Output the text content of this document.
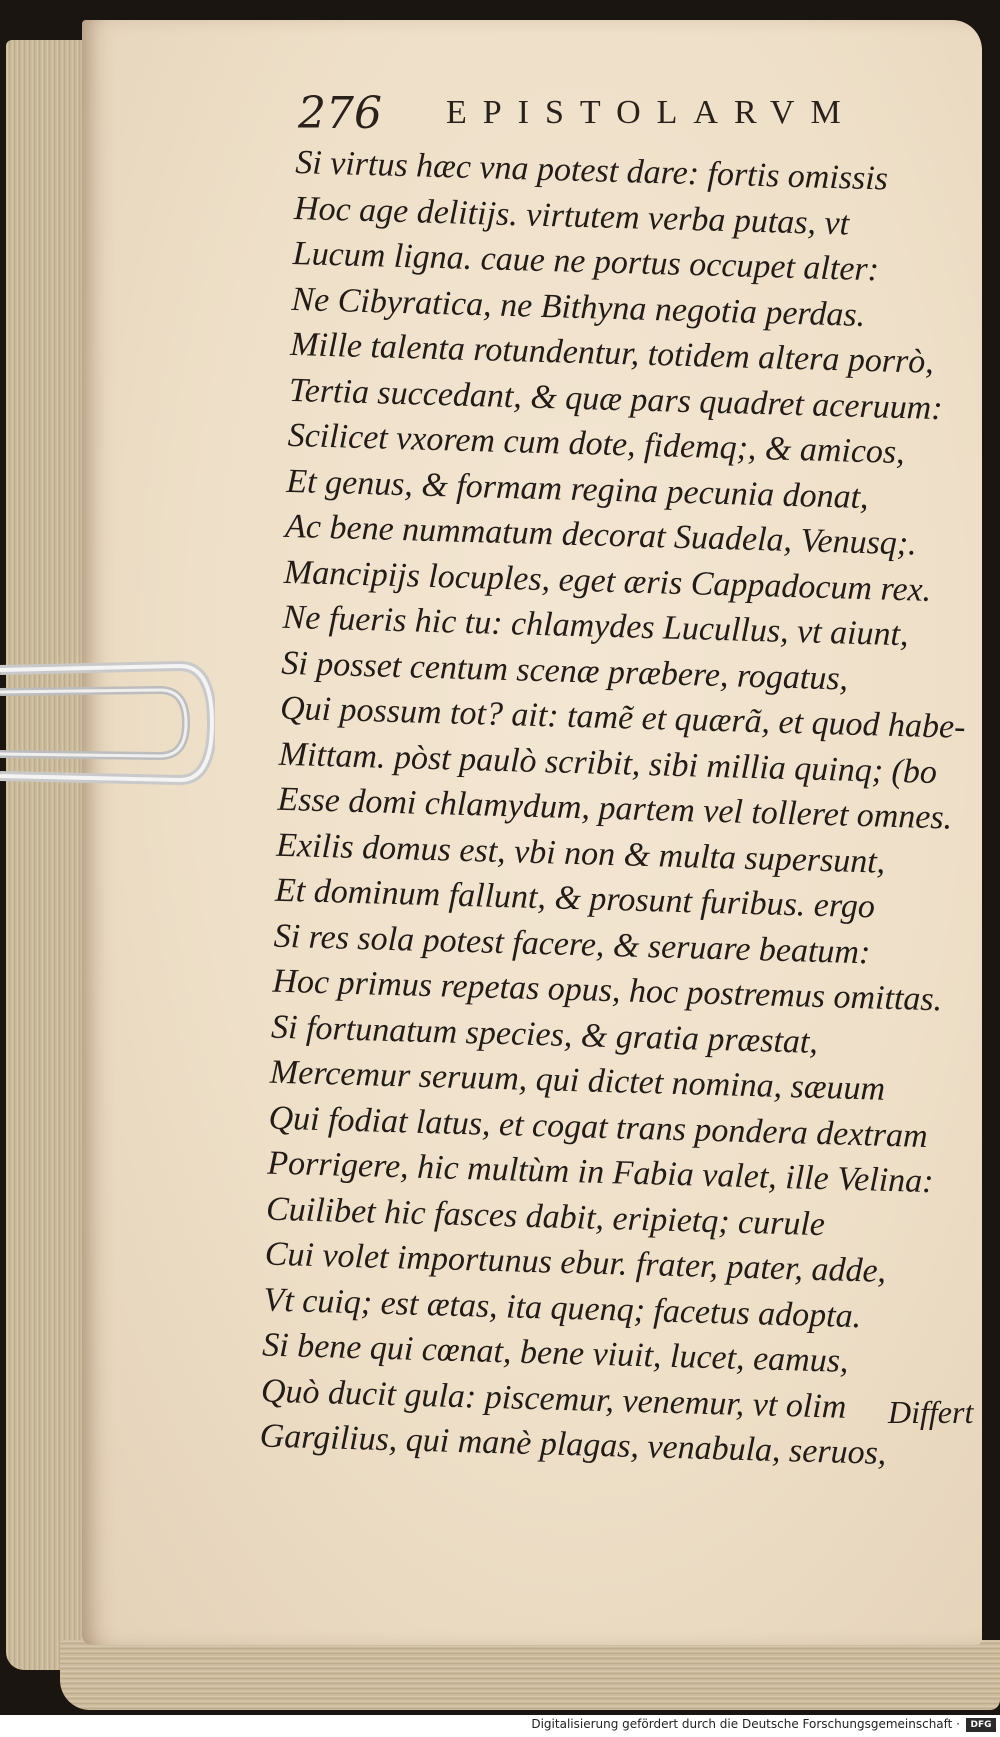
276 EPISTOLARVM
Si virtus hæc vna potest dare: fortis omissis
Hoc age delitijs. virtutem verba putas, vt
Lucum ligna. caue ne portus occupet alter:
Ne Cibyratica, ne Bithyna negotia perdas.
Mille talenta rotundentur, totidem altera porrò,
Tertia succedant, & quæ pars quadret aceruum:
Scilicet vxorem cum dote, fidemq;, & amicos,
Et genus, & formam regina pecunia donat,
Ac bene nummatum decorat Suadela, Venusq;.
Mancipijs locuples, eget æris Cappadocum rex.
Ne fueris hic tu: chlamydes Lucullus, vt aiunt,
Si posset centum scenæ præbere, rogatus,
Qui possum tot? ait: tamẽ et quærã, et quod habe-
Mittam. pòst paulò scribit, sibi millia quinq; (bo
Esse domi chlamydum, partem vel tolleret omnes.
Exilis domus est, vbi non & multa supersunt,
Et dominum fallunt, & prosunt furibus. ergo
Si res sola potest facere, & seruare beatum:
Hoc primus repetas opus, hoc postremus omittas.
Si fortunatum species, & gratia præstat,
Mercemur seruum, qui dictet nomina, sæuum
Qui fodiat latus, et cogat trans pondera dextram
Porrigere, hic multùm in Fabia valet, ille Velina:
Cuilibet hic fasces dabit, eripietq; curule
Cui volet importunus ebur. frater, pater, adde,
Vt cuiq; est ætas, ita quenq; facetus adopta.
Si bene qui cœnat, bene viuit, lucet, eamus,
Quò ducit gula: piscemur, venemur, vt olim
Gargilius, qui manè plagas, venabula, seruos,
Differt
Digitalisierung gefördert durch die Deutsche Forschungsgemeinschaft ·	DFG
